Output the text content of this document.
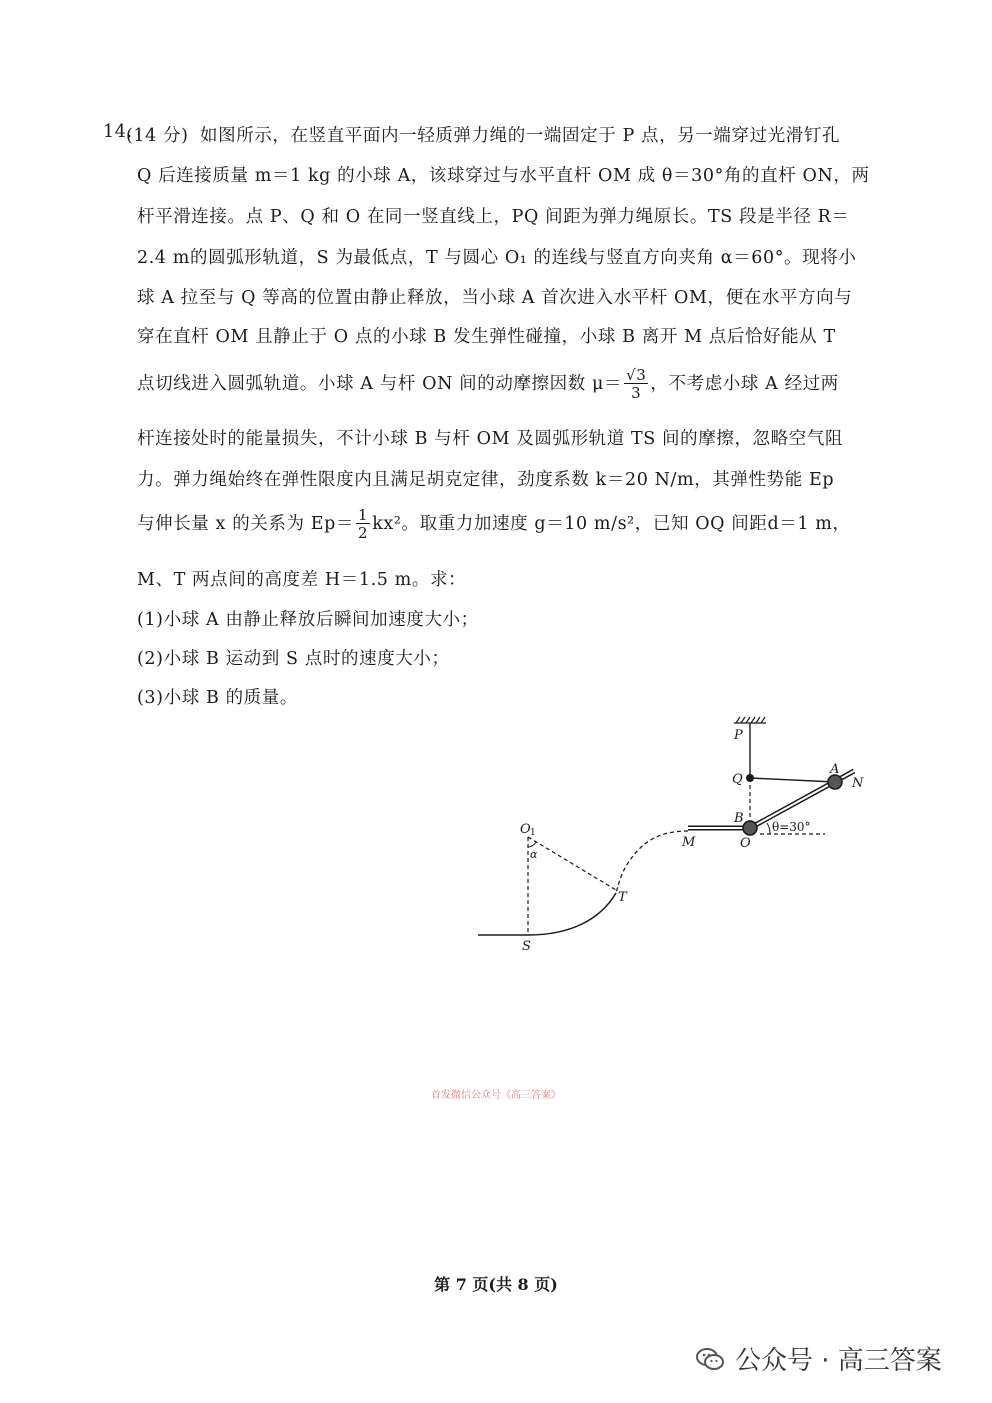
14.
(14 分) 如图所示，在竖直平面内一轻质弹力绳的一端固定于 P 点，另一端穿过光滑钉孔
Q 后连接质量 m＝1 kg 的小球 A，该球穿过与水平直杆 OM 成 θ＝30°角的直杆 ON，两
杆平滑连接。点 P、Q 和 O 在同一竖直线上，PQ 间距为弹力绳原长。TS 段是半径 R＝
2.4 m的圆弧形轨道，S 为最低点，T 与圆心 O₁ 的连线与竖直方向夹角 α＝60°。现将小
球 A 拉至与 Q 等高的位置由静止释放，当小球 A 首次进入水平杆 OM，便在水平方向与
穿在直杆 OM 且静止于 O 点的小球 B 发生弹性碰撞，小球 B 离开 M 点后恰好能从 T
点切线进入圆弧轨道。小球 A 与杆 ON 间的动摩擦因数 $\mu= \frac{√3}{3}$ ，不考虑小球 A 经过两
杆连接处时的能量损失，不计小球 B 与杆 OM 及圆弧形轨道 TS 间的摩擦，忽略空气阻
力。弹力绳始终在弹性限度内且满足胡克定律，劲度系数 k＝20 N/m，其弹性势能 Ep
与伸长量 x 的关系为 $Ep= \frac{1}{2} kx^2$。取重力加速度 g＝10 m/s²，已知 OQ 间距d＝1 m，
M、T 两点间的高度差 H＝1.5 m。求：
(1)小球 A 由静止释放后瞬间加速度大小；
(2)小球 B 运动到 S 点时的速度大小；
(3)小球 B 的质量。
P
Q
A
N
B
O
M
O 1
α
T
S
θ=30°
首发微信公众号《高三答案》
第 7 页(共 8 页)
公众号 · 高三答案
